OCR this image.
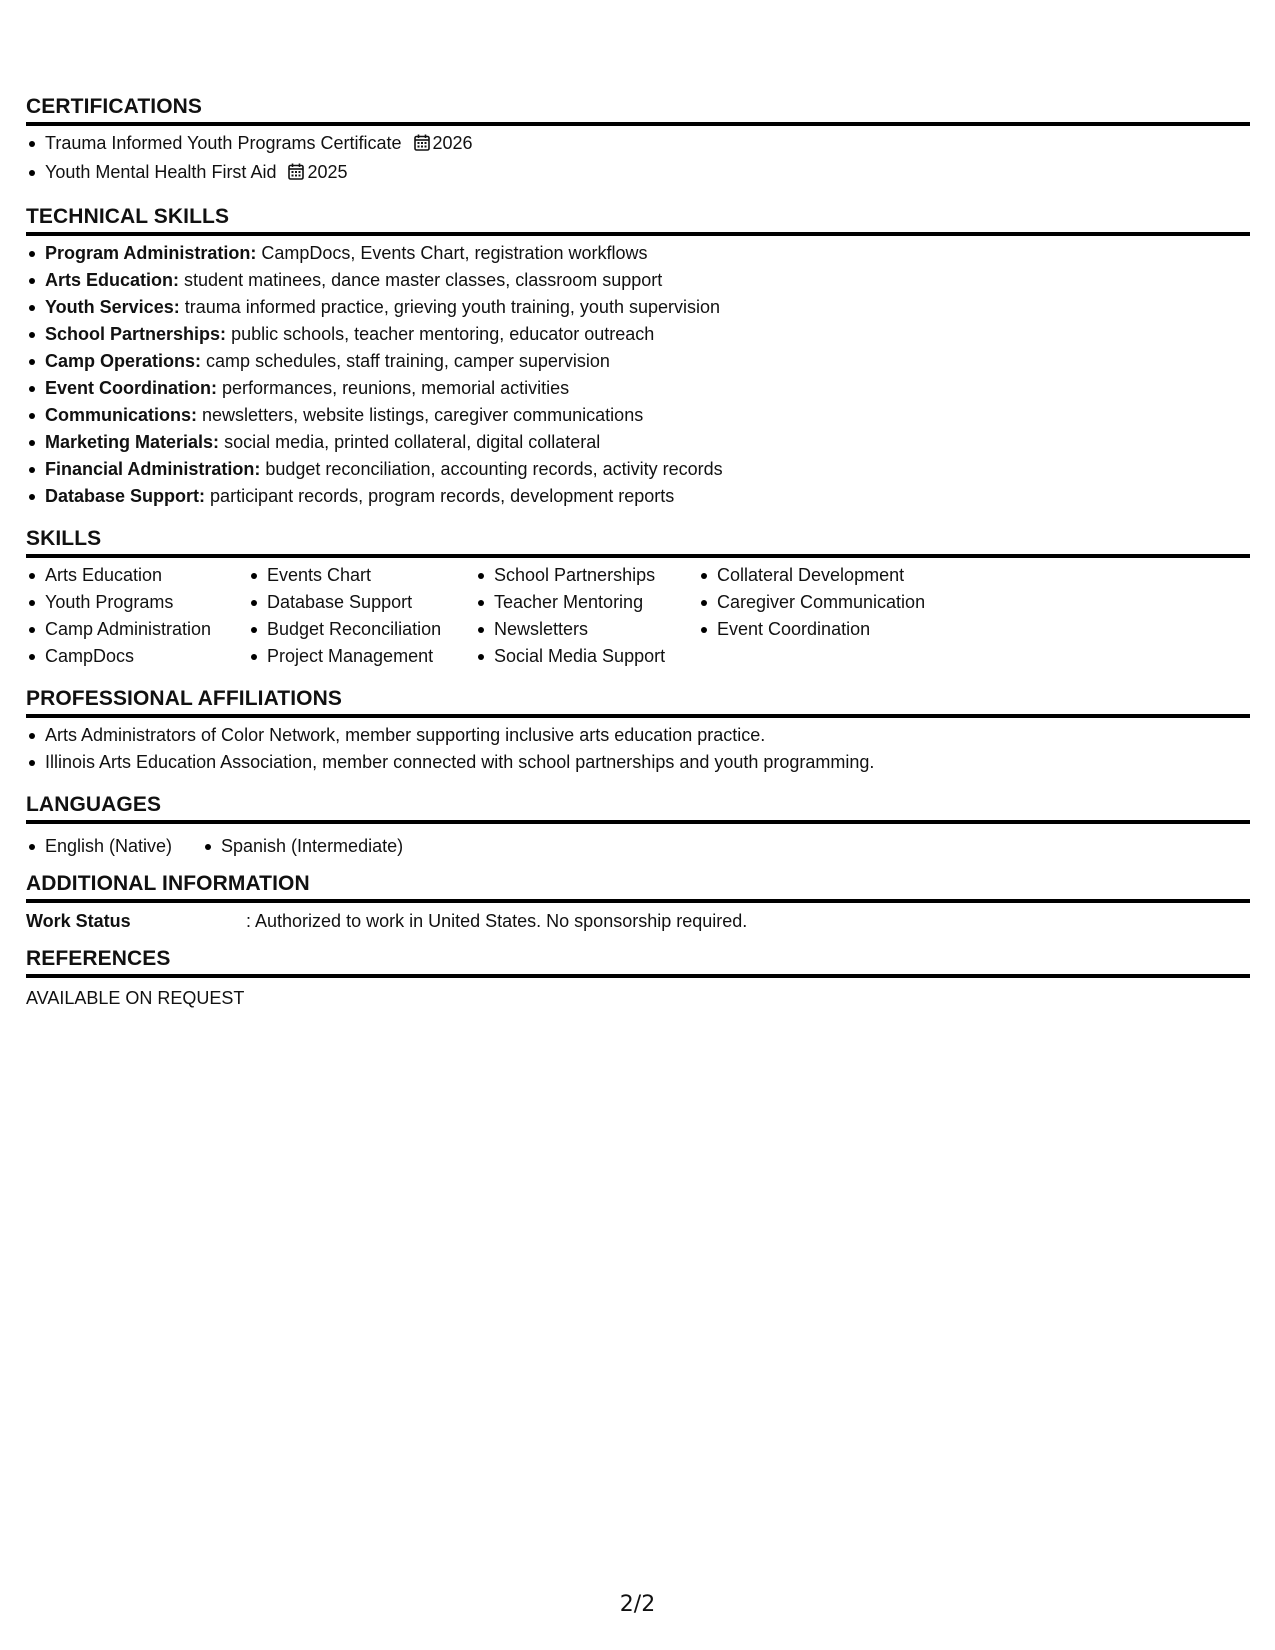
CERTIFICATIONS
Trauma Informed Youth Programs Certificate 2026
Youth Mental Health First Aid 2025
TECHNICAL SKILLS
Program Administration: CampDocs, Events Chart, registration workflows
Arts Education: student matinees, dance master classes, classroom support
Youth Services: trauma informed practice, grieving youth training, youth supervision
School Partnerships: public schools, teacher mentoring, educator outreach
Camp Operations: camp schedules, staff training, camper supervision
Event Coordination: performances, reunions, memorial activities
Communications: newsletters, website listings, caregiver communications
Marketing Materials: social media, printed collateral, digital collateral
Financial Administration: budget reconciliation, accounting records, activity records
Database Support: participant records, program records, development reports
SKILLS
Arts Education
Youth Programs
Camp Administration
CampDocs
Events Chart
Database Support
Budget Reconciliation
Project Management
School Partnerships
Teacher Mentoring
Newsletters
Social Media Support
Collateral Development
Caregiver Communication
Event Coordination
PROFESSIONAL AFFILIATIONS
Arts Administrators of Color Network, member supporting inclusive arts education practice.
Illinois Arts Education Association, member connected with school partnerships and youth programming.
LANGUAGES
English (Native)	Spanish (Intermediate)
ADDITIONAL INFORMATION
Work Status	: Authorized to work in United States. No sponsorship required.
REFERENCES
AVAILABLE ON REQUEST
2/2
